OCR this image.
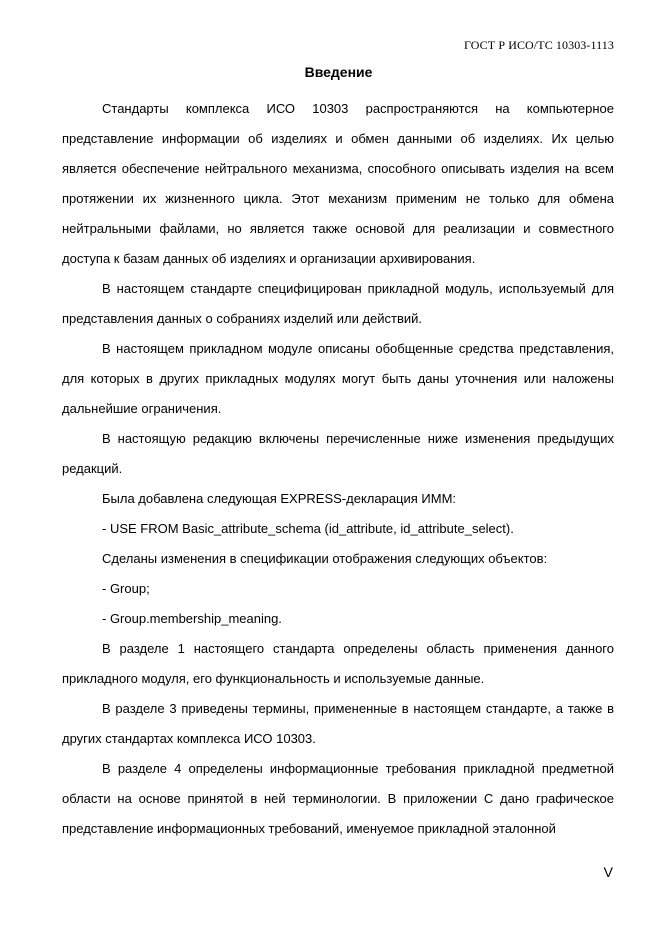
ГОСТ Р ИСО/ТС 10303-1113
Введение

Стандарты комплекса ИСО 10303 распространяются на компьютерное представление информации об изделиях и обмен данными об изделиях. Их целью является обеспечение нейтрального механизма, способного описывать изделия на всем протяжении их жизненного цикла. Этот механизм применим не только для обмена нейтральными файлами, но является также основой для реализации и совместного доступа к базам данных об изделиях и организации архивирования.

В настоящем стандарте специфицирован прикладной модуль, используемый для представления данных о собраниях изделий или действий.

В настоящем прикладном модуле описаны обобщенные средства представления, для которых в других прикладных модулях могут быть даны уточнения или наложены дальнейшие ограничения.

В настоящую редакцию включены перечисленные ниже изменения предыдущих редакций.

Была добавлена следующая EXPRESS-декларация ИММ:

- USE FROM Basic_attribute_schema (id_attribute, id_attribute_select).

Сделаны изменения в спецификации отображения следующих объектов:

- Group;

- Group.membership_meaning.

В разделе 1 настоящего стандарта определены область применения данного прикладного модуля, его функциональность и используемые данные.

В разделе 3 приведены термины, примененные в настоящем стандарте, а также в других стандартах комплекса ИСО 10303.

В разделе 4 определены информационные требования прикладной предметной области на основе принятой в ней терминологии. В приложении С дано графическое представление информационных требований, именуемое прикладной эталонной

V
